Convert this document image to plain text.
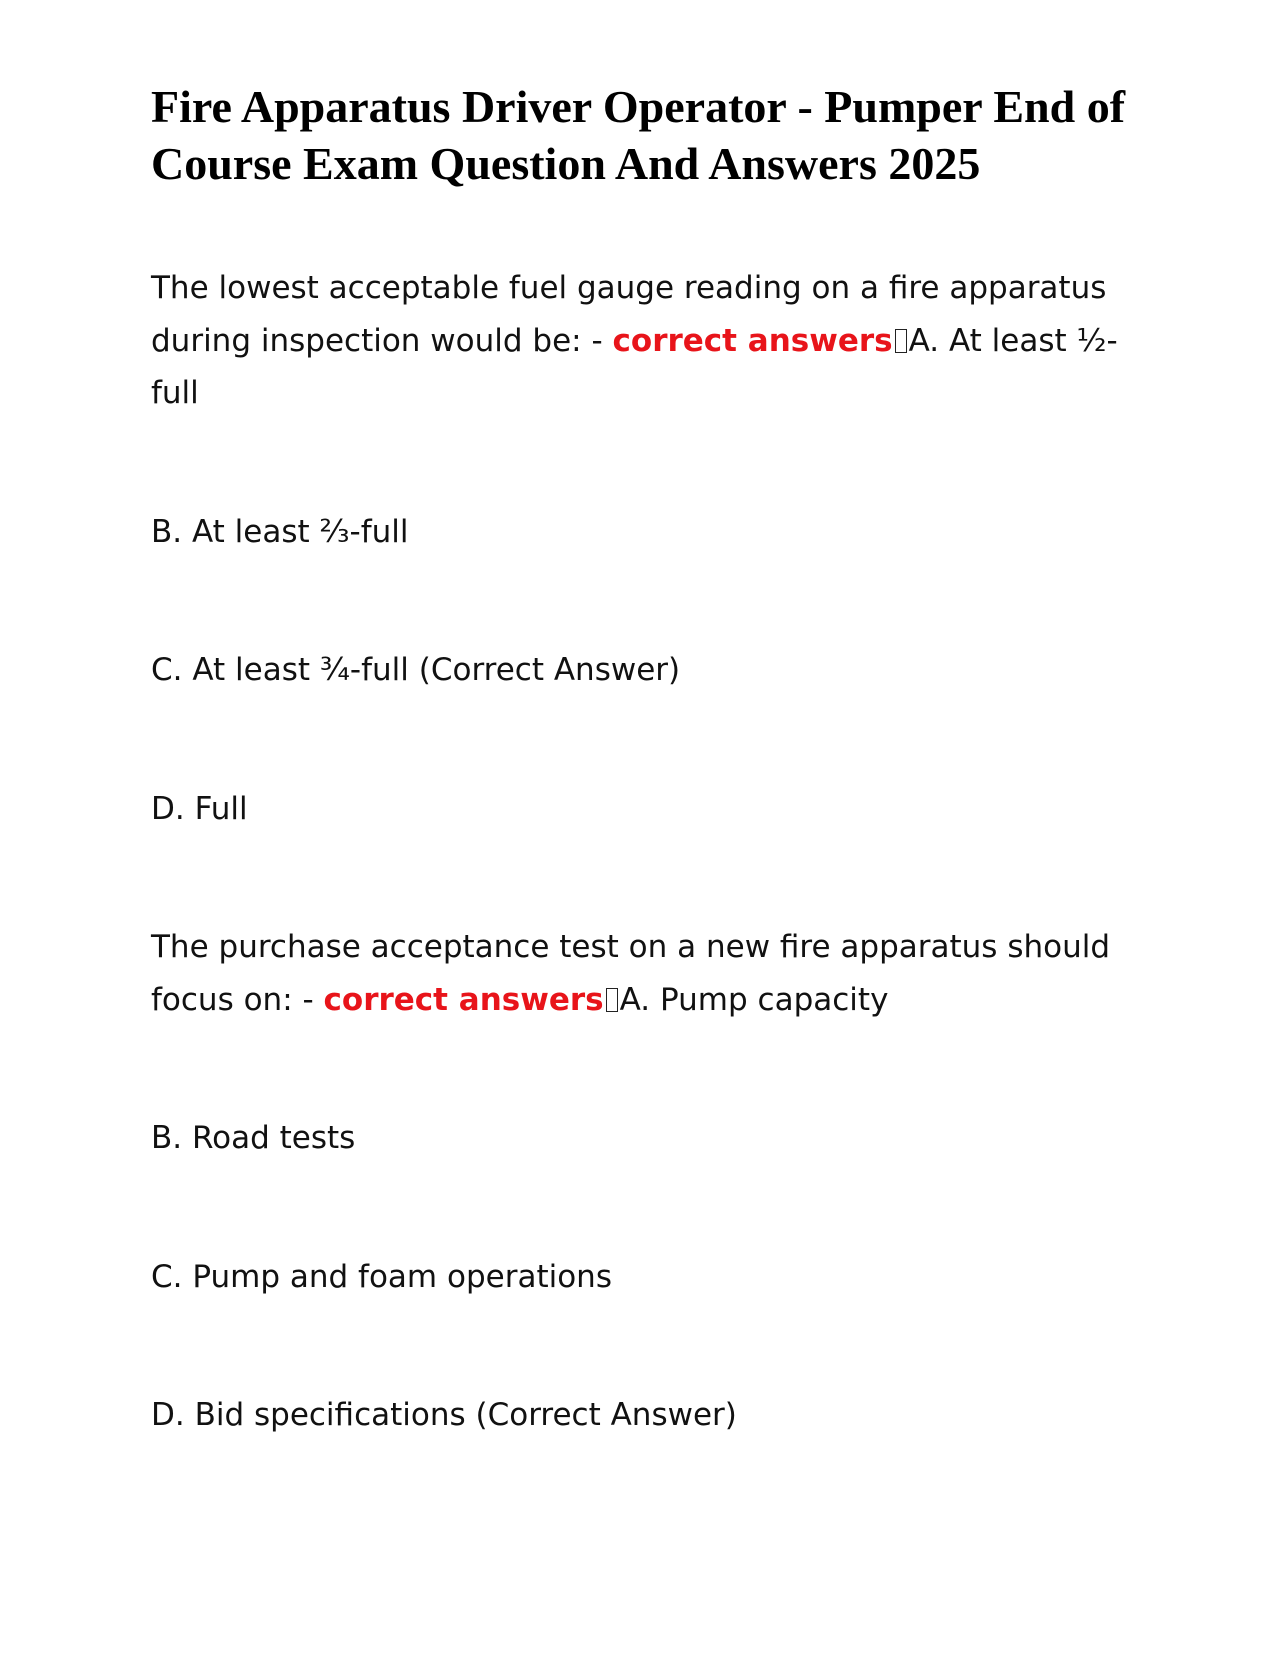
Fire Apparatus Driver Operator - Pumper End of Course Exam Question And Answers 2025

The lowest acceptable fuel gauge reading on a fire apparatus during inspection would be: - correct answers A. At least ½-full

B. At least ⅔-full

C. At least ¾-full (Correct Answer)

D. Full

The purchase acceptance test on a new fire apparatus should focus on: - correct answers A. Pump capacity

B. Road tests

C. Pump and foam operations

D. Bid specifications (Correct Answer)
